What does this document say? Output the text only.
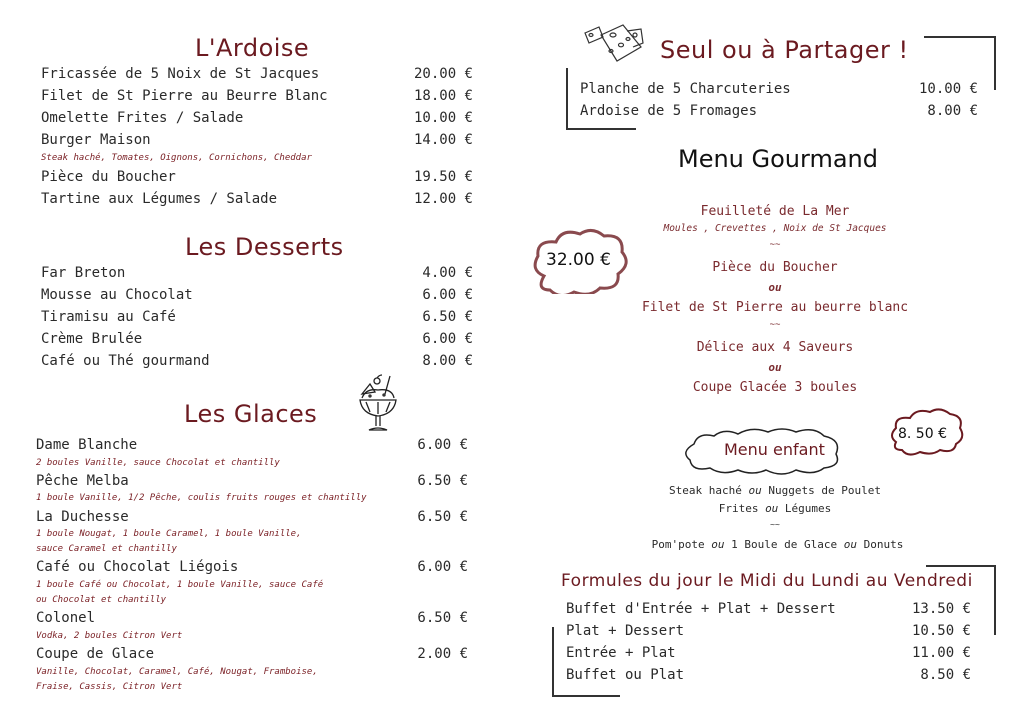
L'Ardoise
Fricassée de 5 Noix de St Jacques	20.00 €
Filet de St Pierre au Beurre Blanc	18.00 €
Omelette Frites / Salade	10.00 €
Burger Maison	14.00 €
Steak haché, Tomates, Oignons, Cornichons, Cheddar
Pièce du Boucher	19.50 €
Tartine aux Légumes / Salade	12.00 €
Les Desserts
Far Breton	4.00 €
Mousse au Chocolat	6.00 €
Tiramisu au Café	6.50 €
Crème Brulée	6.00 €
Café ou Thé gourmand	8.00 €
Les Glaces
Dame Blanche	6.00 €
2 boules Vanille, sauce Chocolat et chantilly
Pêche Melba	6.50 €
1 boule Vanille, 1/2 Pêche, coulis fruits rouges et chantilly
La Duchesse	6.50 €
1 boule Nougat, 1 boule Caramel, 1 boule Vanille,
sauce Caramel et chantilly
Café ou Chocolat Liégois	6.00 €
1 boule Café ou Chocolat, 1 boule Vanille, sauce Café
ou Chocolat et chantilly
Colonel	6.50 €
Vodka, 2 boules Citron Vert
Coupe de Glace	2.00 €
Vanille, Chocolat, Caramel, Café, Nougat, Framboise,
Fraise, Cassis, Citron Vert
Seul ou à Partager !
Planche de 5 Charcuteries	10.00 €
Ardoise de 5 Fromages	8.00 €
Menu Gourmand
32.00 €
Feuilleté de La Mer
Moules , Crevettes , Noix de St Jacques
~~
Pièce du Boucher
ou
Filet de St Pierre au beurre blanc
~~
Délice aux 4 Saveurs
ou
Coupe Glacée 3 boules
Menu enfant
8. 50 €
Steak haché ou Nuggets de Poulet
Frites ou Légumes
~~
Pom'pote ou 1 Boule de Glace ou Donuts
Formules du jour le Midi du Lundi au Vendredi
Buffet d'Entrée + Plat + Dessert	13.50 €
Plat + Dessert	10.50 €
Entrée + Plat	11.00 €
Buffet ou Plat	8.50 €
